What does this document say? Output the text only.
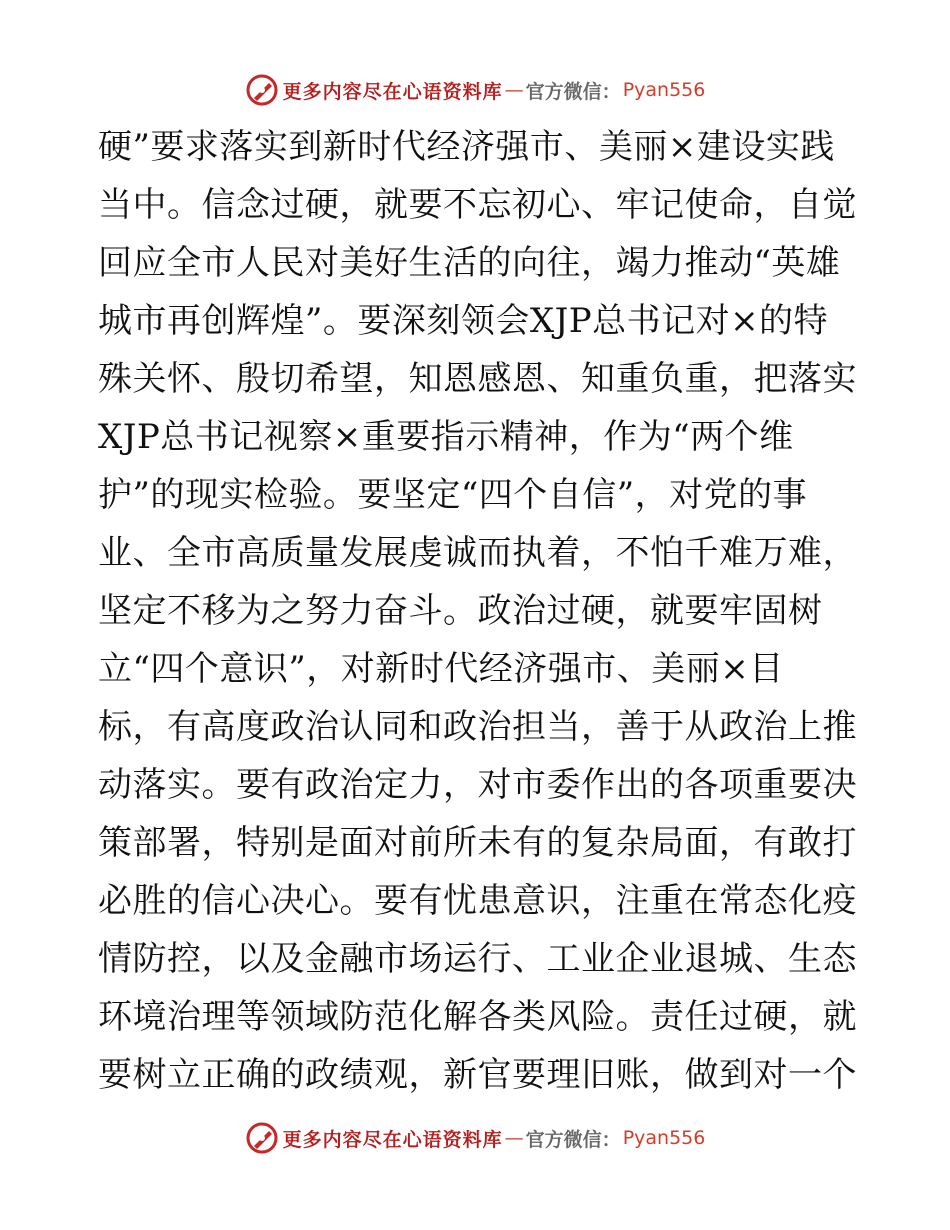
更多内容尽在心语资料库 — 官方微信： Pyan556
硬”要求落实到新时代经济强市、美丽×建设实践
当中。信念过硬，就要不忘初心、牢记使命，自觉
回应全市人民对美好生活的向往，竭力推动“英雄
城市再创辉煌”。要深刻领会XJP总书记对×的特
殊关怀、殷切希望，知恩感恩、知重负重，把落实
XJP总书记视察×重要指示精神，作为“两个维
护”的现实检验。要坚定“四个自信”，对党的事
业、全市高质量发展虔诚而执着，不怕千难万难，
坚定不移为之努力奋斗。政治过硬，就要牢固树
立“四个意识”，对新时代经济强市、美丽×目
标，有高度政治认同和政治担当，善于从政治上推
动落实。要有政治定力，对市委作出的各项重要决
策部署，特别是面对前所未有的复杂局面，有敢打
必胜的信心决心。要有忧患意识，注重在常态化疫
情防控，以及金融市场运行、工业企业退城、生态
环境治理等领域防范化解各类风险。责任过硬，就
要树立正确的政绩观，新官要理旧账，做到对一个
更多内容尽在心语资料库 — 官方微信： Pyan556
